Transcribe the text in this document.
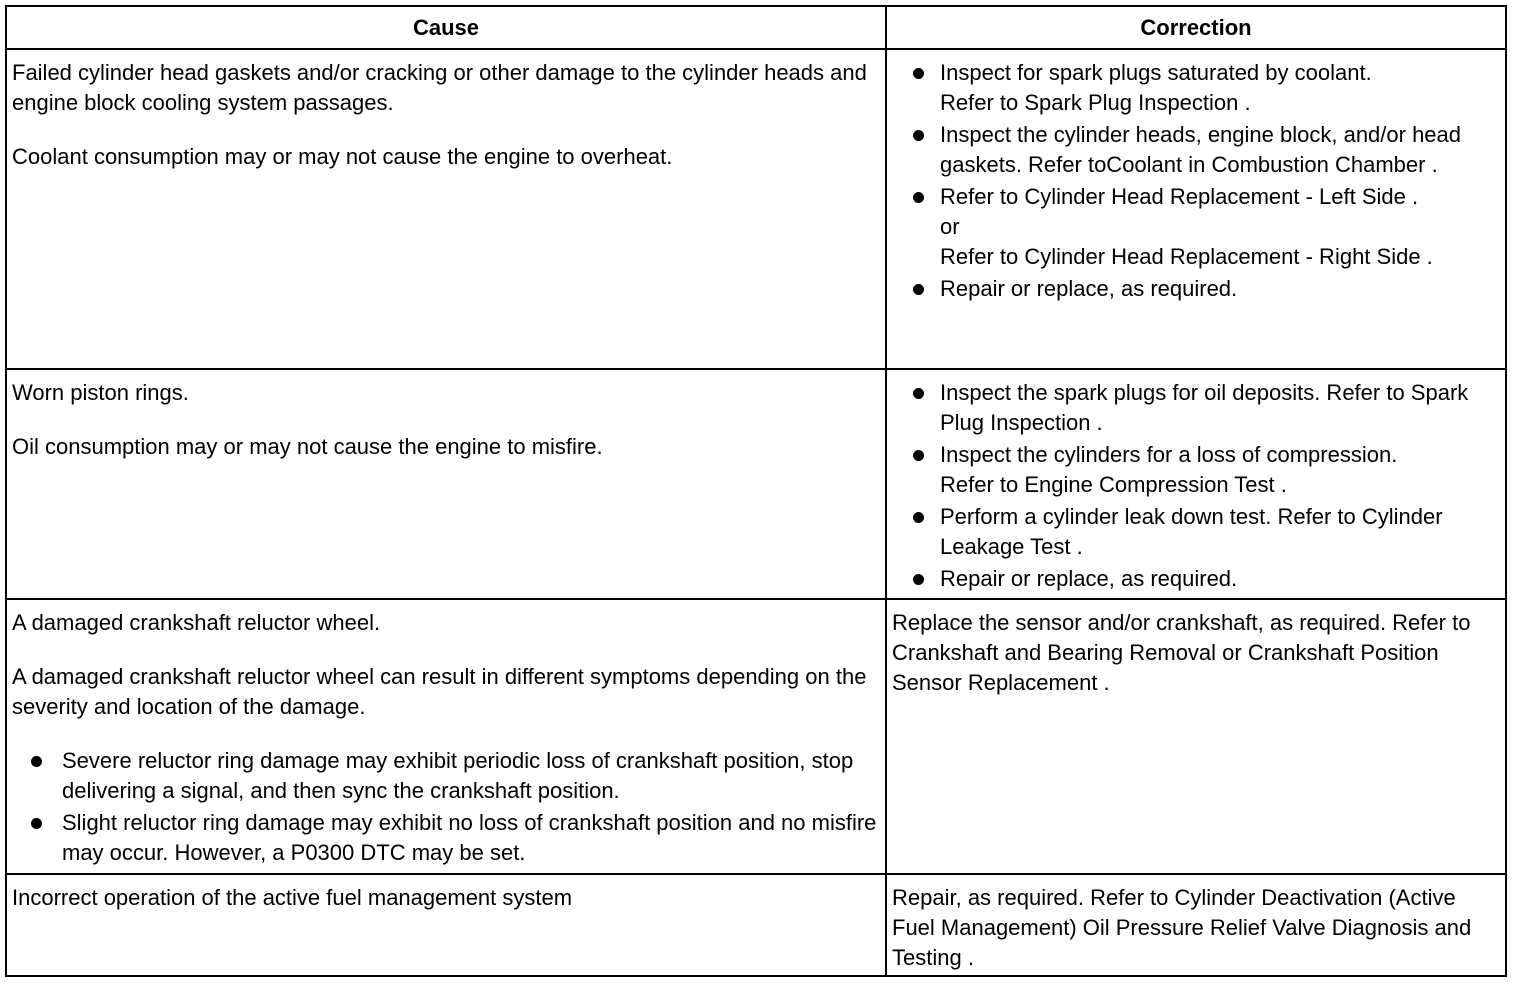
Cause	Correction

Failed cylinder head gaskets and/or cracking or other damage to the cylinder heads and engine block cooling system passages.

Coolant consumption may or may not cause the engine to overheat.

Inspect for spark plugs saturated by coolant.
Refer to Spark Plug Inspection .
Inspect the cylinder heads, engine block, and/or head gaskets. Refer toCoolant in Combustion Chamber .
Refer to Cylinder Head Replacement - Left Side .
or
Refer to Cylinder Head Replacement - Right Side .
Repair or replace, as required.

Worn piston rings.

Oil consumption may or may not cause the engine to misfire.

Inspect the spark plugs for oil deposits. Refer to Spark Plug Inspection .
Inspect the cylinders for a loss of compression.
Refer to Engine Compression Test .
Perform a cylinder leak down test. Refer to Cylinder Leakage Test .
Repair or replace, as required.

A damaged crankshaft reluctor wheel.

A damaged crankshaft reluctor wheel can result in different symptoms depending on the severity and location of the damage.

Severe reluctor ring damage may exhibit periodic loss of crankshaft position, stop delivering a signal, and then sync the crankshaft position.
Slight reluctor ring damage may exhibit no loss of crankshaft position and no misfire may occur. However, a P0300 DTC may be set.

Replace the sensor and/or crankshaft, as required. Refer to Crankshaft and Bearing Removal or Crankshaft Position Sensor Replacement .

Incorrect operation of the active fuel management system	Repair, as required. Refer to Cylinder Deactivation (Active Fuel Management) Oil Pressure Relief Valve Diagnosis and Testing .
